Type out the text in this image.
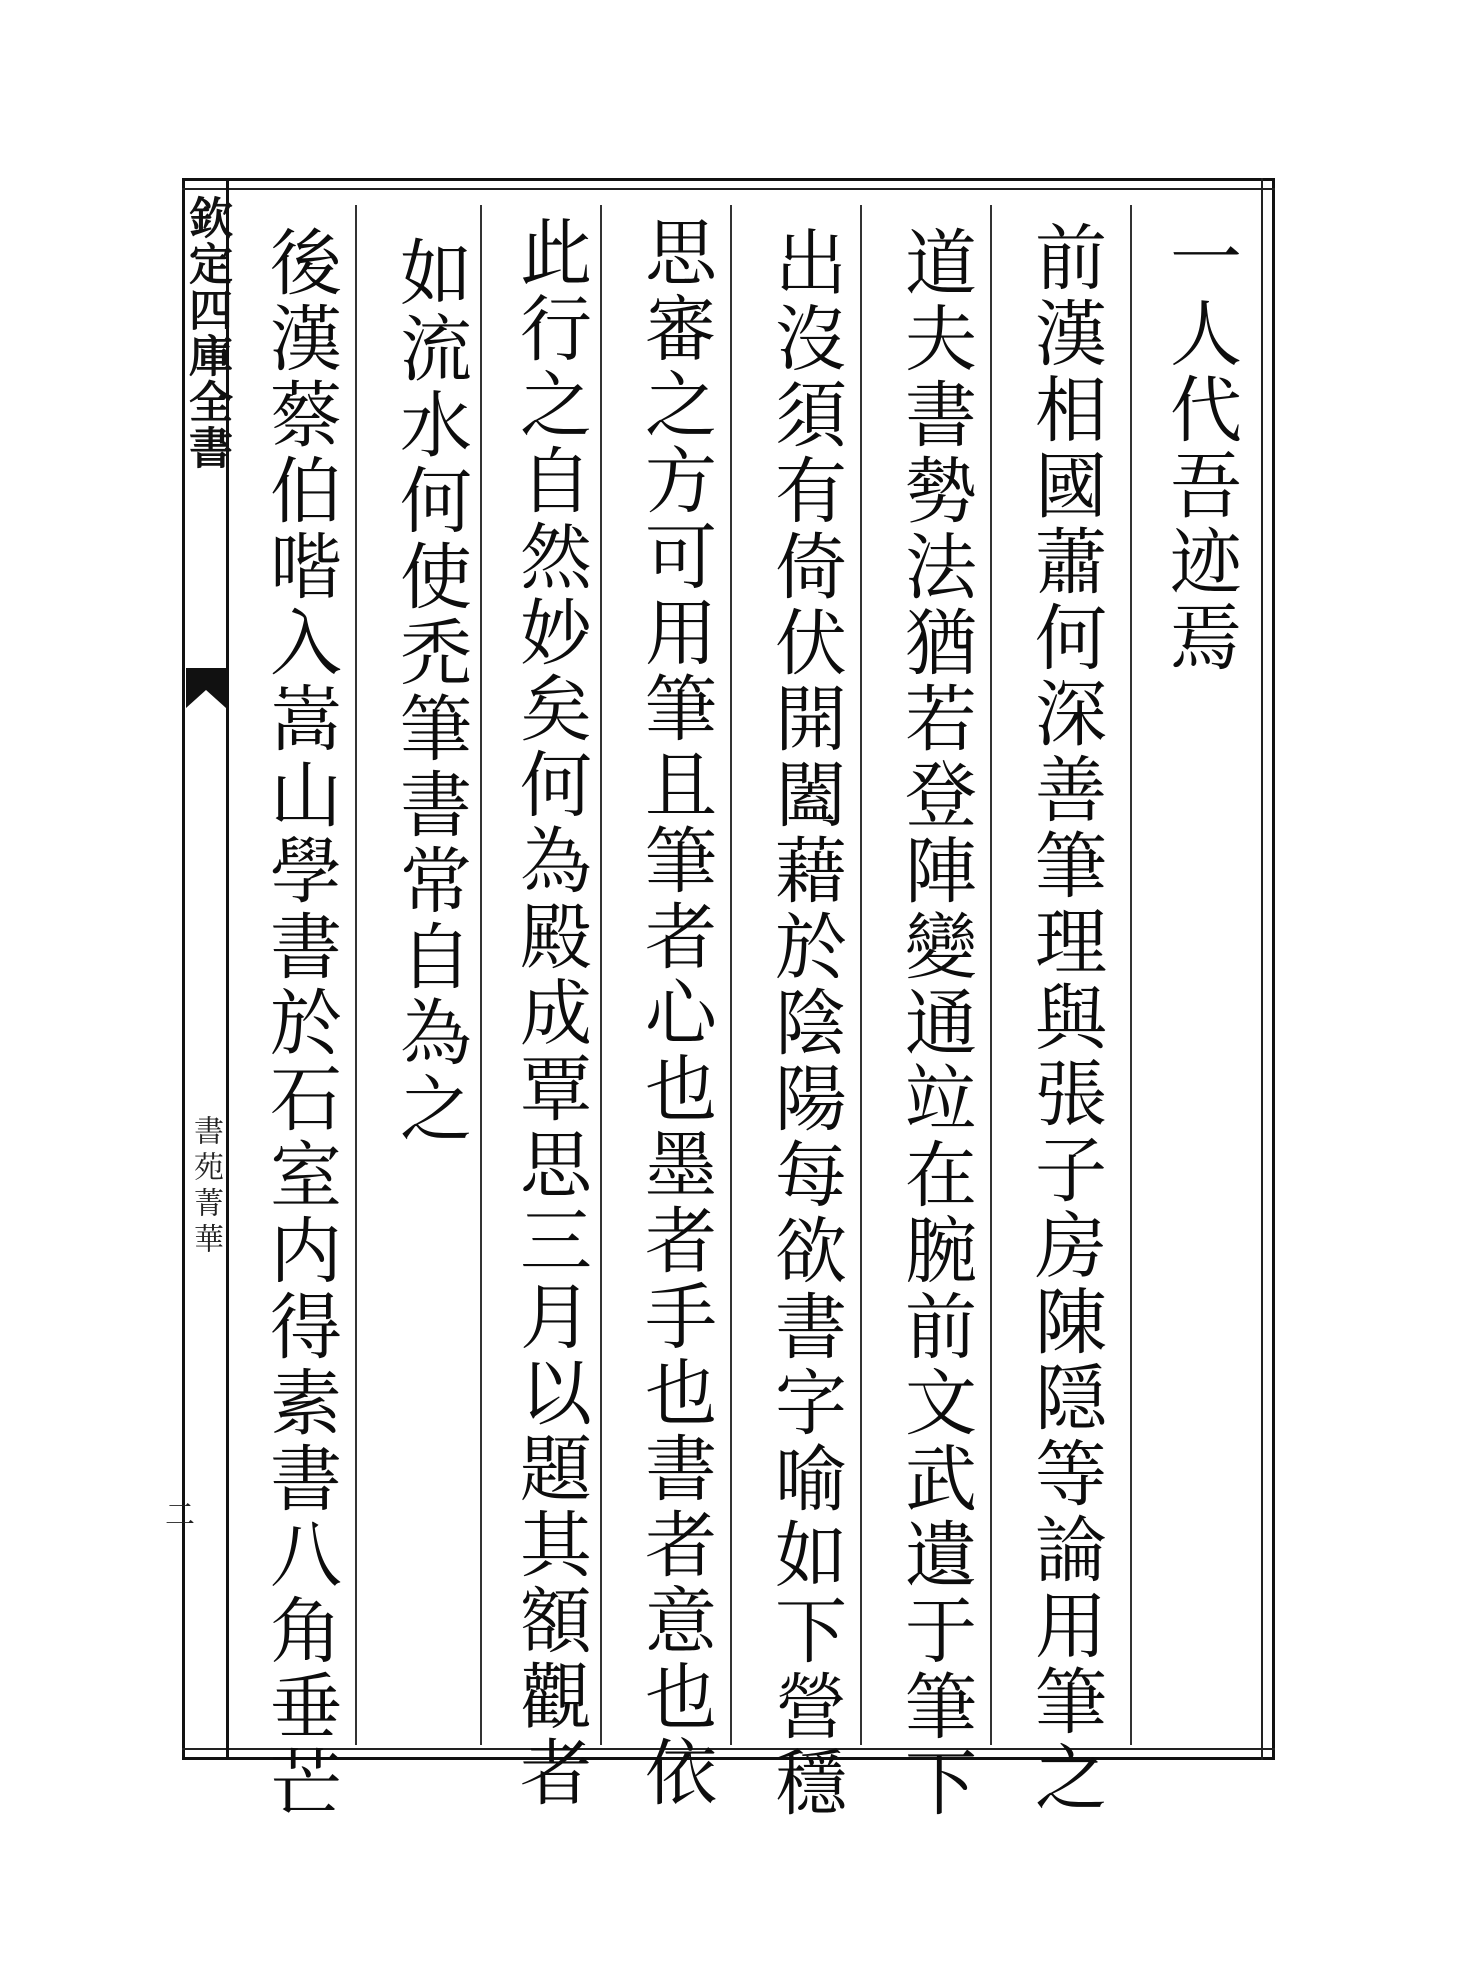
欽定四庫全書
書苑菁華
二
一人代吾迹焉
前漢相國蕭何深善筆理與張子房陳隠等論用筆之
道夫書勢法猶若登陣變通竝在腕前文武遺于筆下
出沒須有倚伏開闔藉於陰陽每欲書字喻如下營穩
思審之方可用筆且筆者心也墨者手也書者意也依
此行之自然妙矣何為殿成覃思三月以題其額觀者
如流水何使禿筆書常自為之
後漢蔡伯喈入嵩山學書於石室内得素書八角垂芒
